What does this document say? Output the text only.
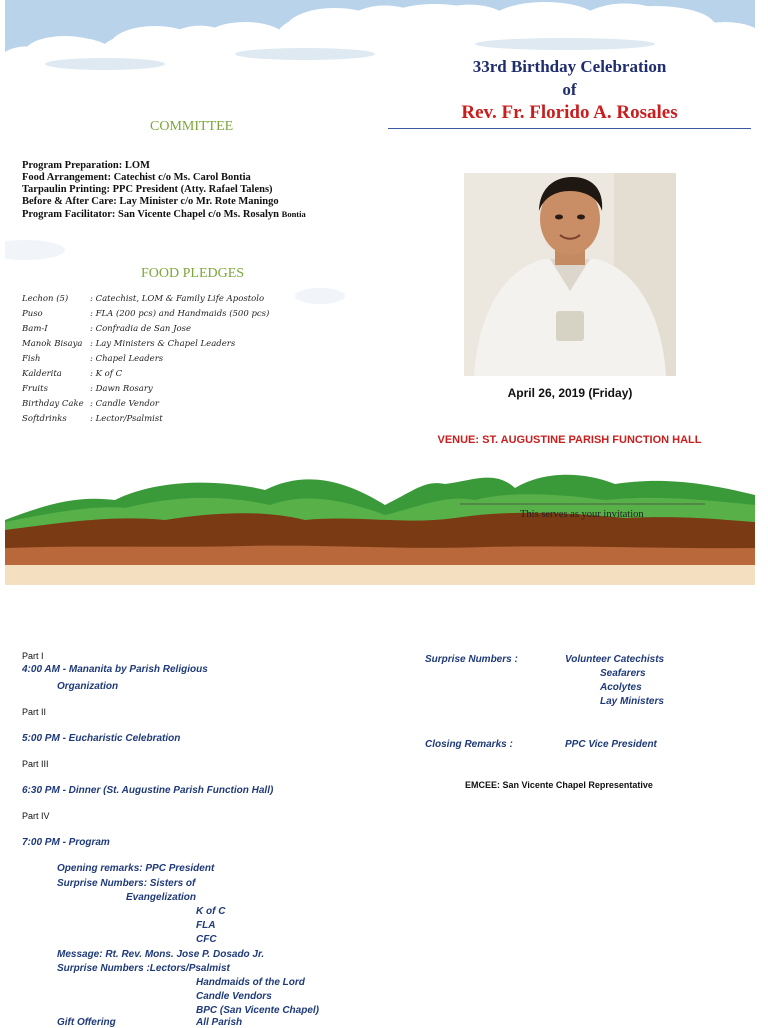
33rd Birthday Celebration
of
Rev. Fr. Florido A. Rosales
COMMITTEE
Program Preparation: LOM
Food Arrangement: Catechist c/o Ms. Carol Bontia
Tarpaulin Printing: PPC President (Atty. Rafael Talens)
Before & After Care: Lay Minister c/o Mr. Rote Maningo
Program Facilitator: San Vicente Chapel c/o Ms. Rosalyn Bontia
FOOD PLEDGES
Lechon (5)	: Catechist, LOM & Family Life Apostolo
Puso	: FLA (200 pcs) and Handmaids (500 pcs)
Bam-I	: Confradia de San Jose
Manok Bisaya : Lay Ministers & Chapel Leaders
Fish	: Chapel Leaders
Kalderita	: K of C
Fruits	: Dawn Rosary
Birthday Cake : Candle Vendor
Softdrinks	: Lector/Psalmist
April 26, 2019 (Friday)
VENUE: ST. AUGUSTINE PARISH FUNCTION HALL
This serves as your invitation
Part I
4:00 AM - Mananita by Parish Religious
Organization
Part II
5:00 PM - Eucharistic Celebration
Part III
6:30 PM - Dinner (St. Augustine Parish Function Hall)
Part IV
7:00 PM - Program
Opening remarks: PPC President
Surprise Numbers: Sisters of
Evangelization
K of C
FLA
CFC
Message: Rt. Rev. Mons. Jose P. Dosado Jr.
Surprise Numbers :Lectors/Psalmist
Handmaids of the Lord
Candle Vendors
BPC (San Vicente Chapel)
Gift Offering	All Parish
Surprise Numbers :	Volunteer Catechists
Seafarers
Acolytes
Lay Ministers
Closing Remarks :	PPC Vice President
EMCEE: San Vicente Chapel Representative
